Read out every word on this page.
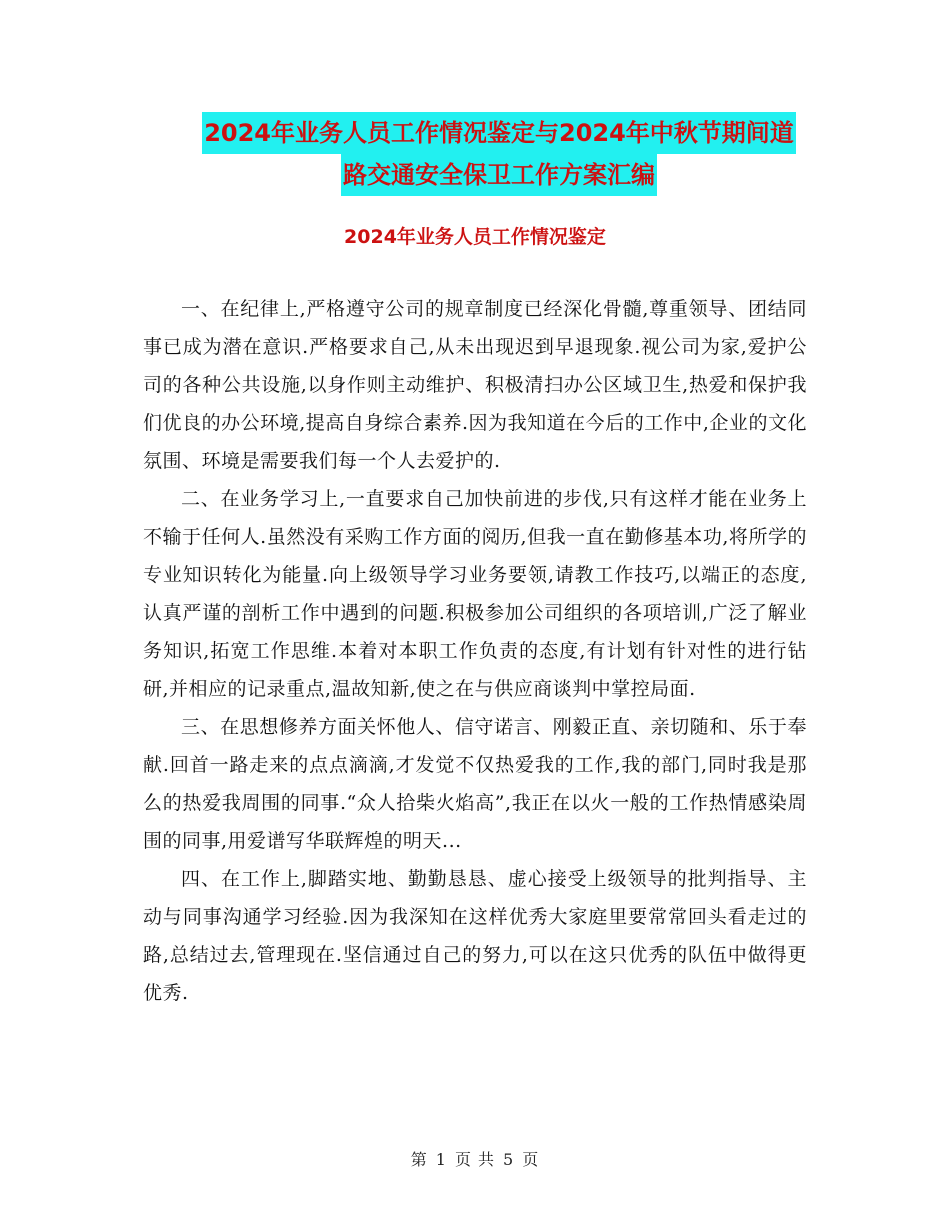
2024年业务人员工作情况鉴定与2024年中秋节期间道
路交通安全保卫工作方案汇编
2024年业务人员工作情况鉴定

一、在纪律上,严格遵守公司的规章制度已经深化骨髓,尊重领导、团结同事已成为潜在意识.严格要求自己,从未出现迟到早退现象.视公司为家,爱护公司的各种公共设施,以身作则主动维护、积极清扫办公区域卫生,热爱和保护我们优良的办公环境,提高自身综合素养.因为我知道在今后的工作中,企业的文化氛围、环境是需要我们每一个人去爱护的.

二、在业务学习上,一直要求自己加快前进的步伐,只有这样才能在业务上不输于任何人.虽然没有采购工作方面的阅历,但我一直在勤修基本功,将所学的专业知识转化为能量.向上级领导学习业务要领,请教工作技巧,以端正的态度,认真严谨的剖析工作中遇到的问题.积极参加公司组织的各项培训,广泛了解业务知识,拓宽工作思维.本着对本职工作负责的态度,有计划有针对性的进行钻研,并相应的记录重点,温故知新,使之在与供应商谈判中掌控局面.

三、在思想修养方面关怀他人、信守诺言、刚毅正直、亲切随和、乐于奉献.回首一路走来的点点滴滴,才发觉不仅热爱我的工作,我的部门,同时我是那么的热爱我周围的同事.“众人拾柴火焰高”,我正在以火一般的工作热情感染周围的同事,用爱谱写华联辉煌的明天...

四、在工作上,脚踏实地、勤勤恳恳、虚心接受上级领导的批判指导、主动与同事沟通学习经验.因为我深知在这样优秀大家庭里要常常回头看走过的路,总结过去,管理现在.坚信通过自己的努力,可以在这只优秀的队伍中做得更优秀.

第 1 页 共 5 页
